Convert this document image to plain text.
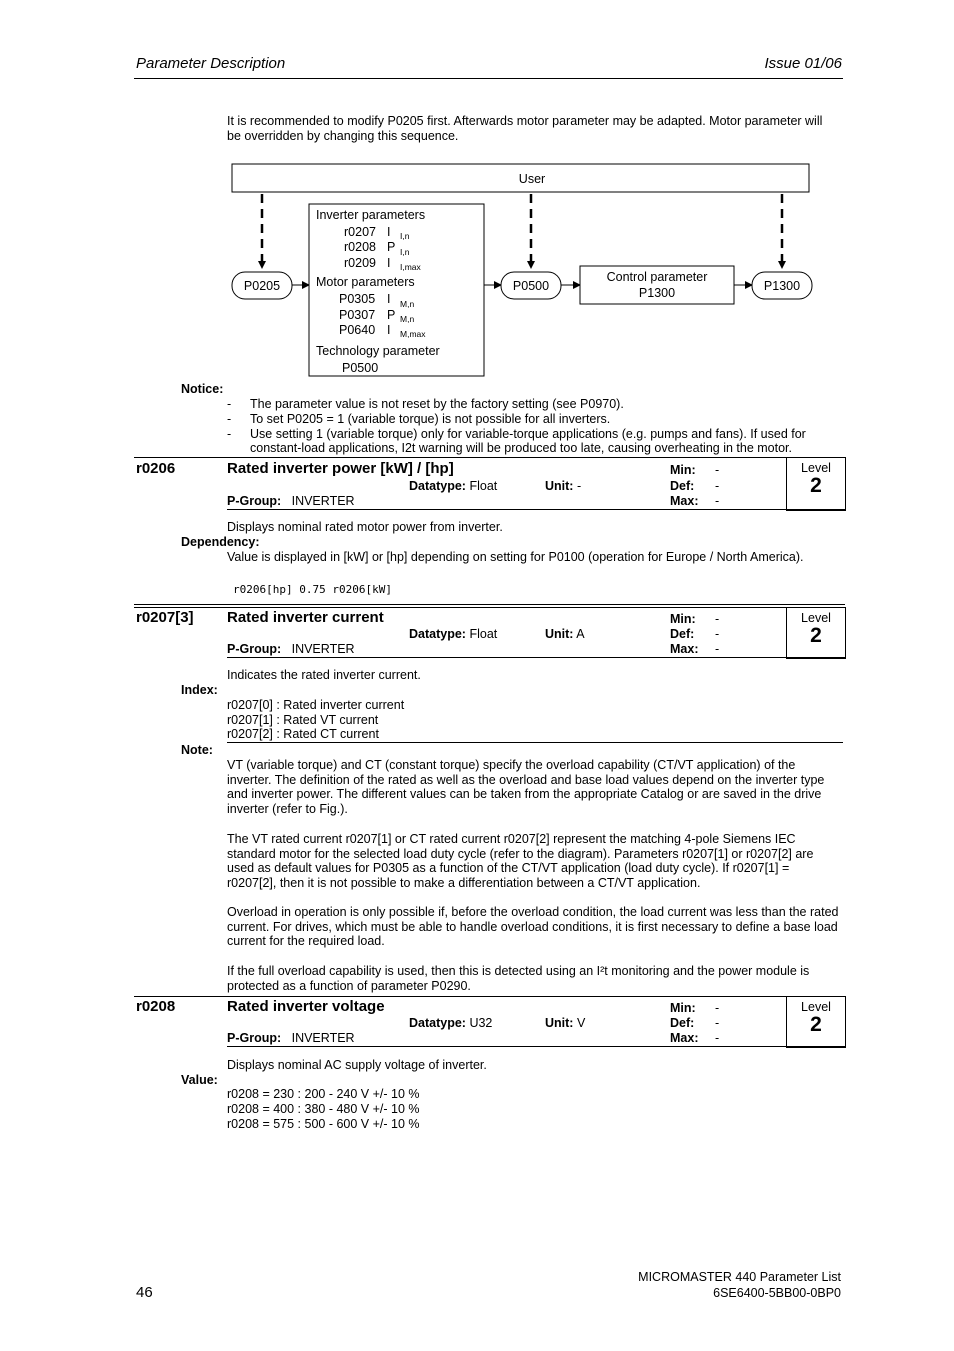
Parameter Description	Issue 01/06
It is recommended to modify P0205 first. Afterwards motor parameter may be adapted. Motor parameter will be overridden by changing this sequence.
User
P0205
Inverter parameters
r0207 I I,n
r0208 P I,n
r0209 I I,max
Motor parameters
P0305 I M,n
P0307 P M,n
P0640 I M,max
Technology parameter
P0500
P0500
Control parameter
P1300	P1300
Notice:
- The parameter value is not reset by the factory setting (see P0970).
- To set P0205 = 1 (variable torque) is not possible for all inverters.
- Use setting 1 (variable torque) only for variable-torque applications (e.g. pumps and fans). If used for constant-load applications, I2t warning will be produced too late, causing overheating in the motor.
r0206	Rated inverter power [kW] / [hp]
Datatype: Float	Unit: -
P-Group: INVERTER
Min: -
Def: -
Max: -
Level
2
Displays nominal rated motor power from inverter.
Dependency:
Value is displayed in [kW] or [hp] depending on setting for P0100 (operation for Europe / North America).
r0206[hp] 0.75 r0206[kW]
r0207[3] Rated inverter current
Datatype: Float	Unit: A
P-Group: INVERTER
Min: -
Def: -
Max: -
Level
2
Indicates the rated inverter current.
Index:
r0207[0] : Rated inverter current
r0207[1] : Rated VT current
r0207[2] : Rated CT current
Note:
VT (variable torque) and CT (constant torque) specify the overload capability (CT/VT application) of the inverter. The definition of the rated as well as the overload and base load values depend on the inverter type and inverter power. The different values can be taken from the appropriate Catalog or are saved in the drive inverter (refer to Fig.).
The VT rated current r0207[1] or CT rated current r0207[2] represent the matching 4-pole Siemens IEC standard motor for the selected load duty cycle (refer to the diagram). Parameters r0207[1] or r0207[2] are used as default values for P0305 as a function of the CT/VT application (load duty cycle). If r0207[1] = r0207[2], then it is not possible to make a differentiation between a CT/VT application.
Overload in operation is only possible if, before the overload condition, the load current was less than the rated current. For drives, which must be able to handle overload conditions, it is first necessary to define a base load current for the required load.
If the full overload capability is used, then this is detected using an I²t monitoring and the power module is protected as a function of parameter P0290.
r0208	Rated inverter voltage
Datatype: U32	Unit: V
P-Group: INVERTER
Min: -
Def: -
Max: -
Level
2
Displays nominal AC supply voltage of inverter.
Value:
r0208 = 230 : 200 - 240 V +/- 10 %
r0208 = 400 : 380 - 480 V +/- 10 %
r0208 = 575 : 500 - 600 V +/- 10 %
46
MICROMASTER 440 Parameter List
6SE6400-5BB00-0BP0
